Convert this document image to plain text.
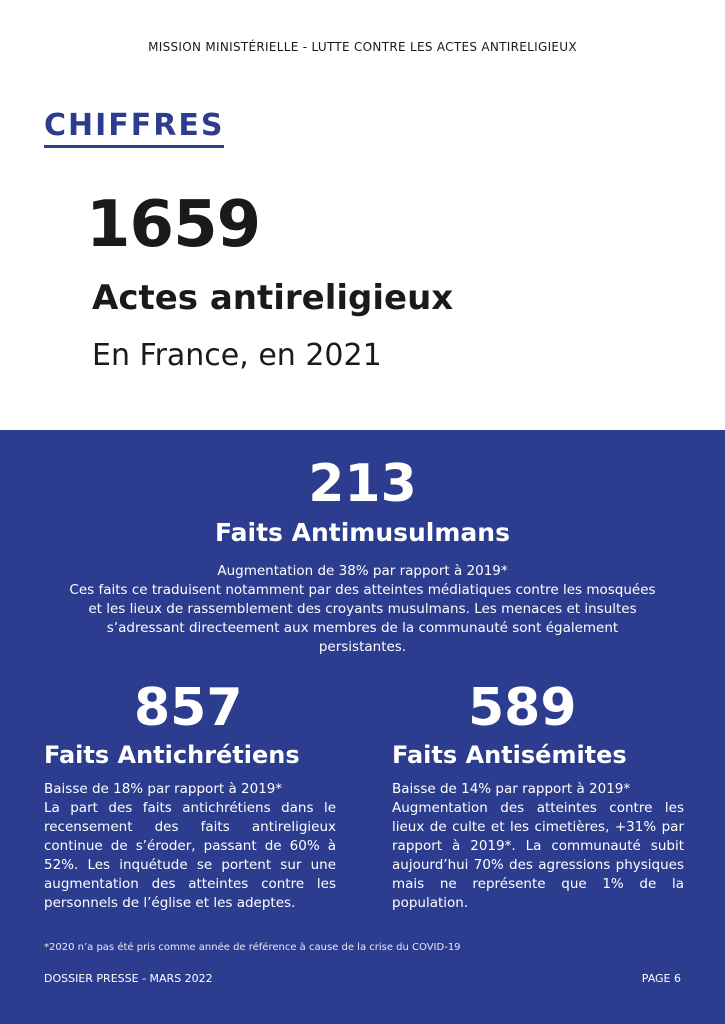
MISSION MINISTÉRIELLE - LUTTE CONTRE LES ACTES ANTIRELIGIEUX
CHIFFRES
1659
Actes antireligieux
En France, en 2021
213
Faits Antimusulmans
Augmentation de 38% par rapport à 2019*
Ces faits ce traduisent notamment par des atteintes médiatiques contre les mosquées et les lieux de rassemblement des croyants musulmans. Les menaces et insultes s’adressant directeement aux membres de la communauté sont également persistantes.
857
Faits Antichrétiens
Baisse de 18% par rapport à 2019*
La part des faits antichrétiens dans le recensement des faits antireligieux continue de s’éroder, passant de 60% à 52%. Les inquétude se portent sur une augmentation des atteintes contre les personnels de l’église et les adeptes.
589
Faits Antisémites
Baisse de 14% par rapport à 2019*
Augmentation des atteintes contre les lieux de culte et les cimetières, +31% par rapport à 2019*. La communauté subit aujourd’hui 70% des agressions physiques mais ne représente que 1% de la population.
*2020 n’a pas été pris comme année de référence à cause de la crise du COVID-19
DOSSIER PRESSE - MARS 2022	PAGE 6
